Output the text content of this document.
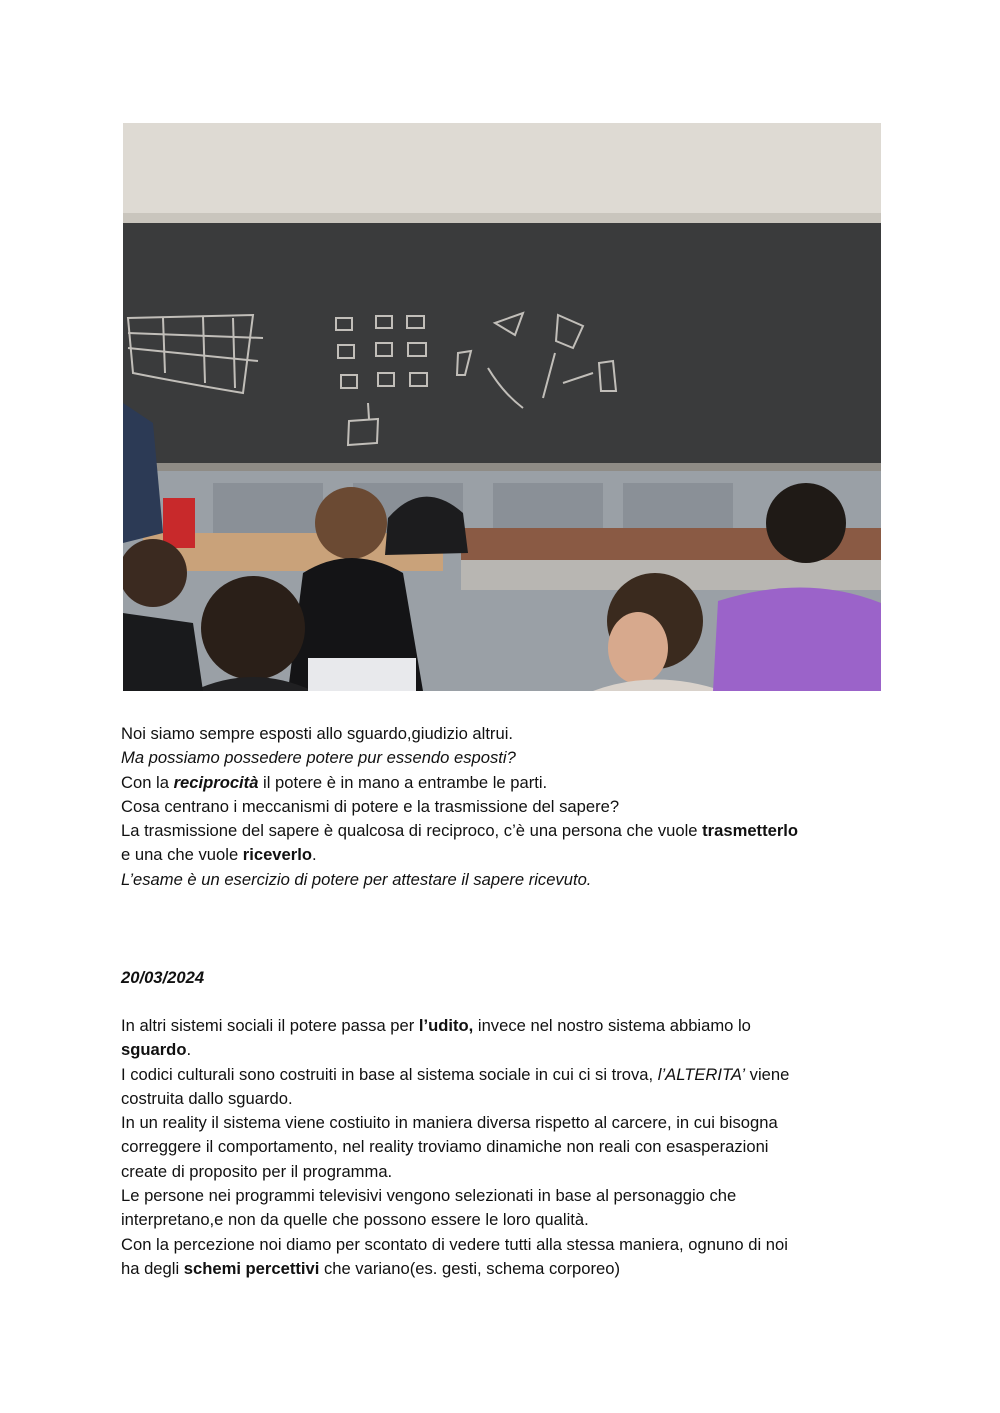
Noi siamo sempre esposti allo sguardo,giudizio altrui.

Ma possiamo possedere potere pur essendo esposti?

Con la reciprocità il potere è in mano a entrambe le parti.

Cosa centrano i meccanismi di potere e la trasmissione del sapere?

La trasmissione del sapere è qualcosa di reciproco, c’è una persona che vuole trasmetterlo

e una che vuole riceverlo.

L’esame è un esercizio di potere per attestare il sapere ricevuto.

20/03/2024

In altri sistemi sociali il potere passa per l’udito, invece nel nostro sistema abbiamo lo

sguardo.

I codici culturali sono costruiti in base al sistema sociale in cui ci si trova, l’ALTERITA’ viene

costruita dallo sguardo.

In un reality il sistema viene costiuito in maniera diversa rispetto al carcere, in cui bisogna

correggere il comportamento, nel reality troviamo dinamiche non reali con esasperazioni

create di proposito per il programma.

Le persone nei programmi televisivi vengono selezionati in base al personaggio che

interpretano,e non da quelle che possono essere le loro qualità.

Con la percezione noi diamo per scontato di vedere tutti alla stessa maniera, ognuno di noi

ha degli schemi percettivi che variano(es. gesti, schema corporeo)
